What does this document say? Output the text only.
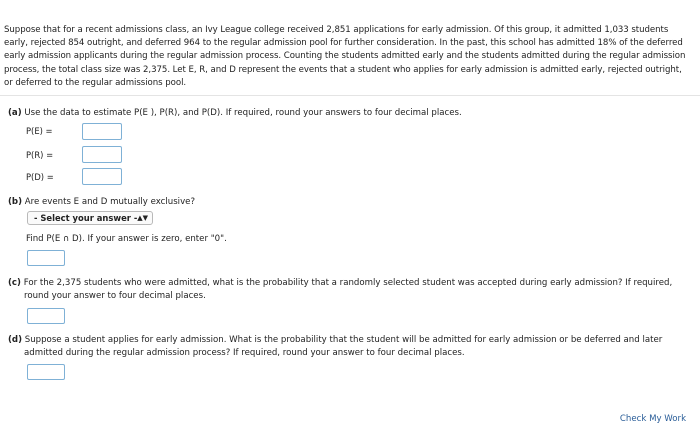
Suppose that for a recent admissions class, an Ivy League college received 2,851 applications for early admission. Of this group, it admitted 1,033 students early, rejected 854 outright, and deferred 964 to the regular admission pool for further consideration. In the past, this school has admitted 18% of the deferred early admission applicants during the regular admission process. Counting the students admitted early and the students admitted during the regular admission process, the total class size was 2,375. Let E, R, and D represent the events that a student who applies for early admission is admitted early, rejected outright, or deferred to the regular admissions pool.
(a) Use the data to estimate P(E ), P(R), and P(D). If required, round your answers to four decimal places.
P(E) =
P(R) =
P(D) =
(b) Are events E and D mutually exclusive?
- Select your answer - ▲▼
Find P(E ∩ D). If your answer is zero, enter "0".
(c) For the 2,375 students who were admitted, what is the probability that a randomly selected student was accepted during early admission? If required,
round your answer to four decimal places.
(d) Suppose a student applies for early admission. What is the probability that the student will be admitted for early admission or be deferred and later
admitted during the regular admission process? If required, round your answer to four decimal places.
Check My Work
